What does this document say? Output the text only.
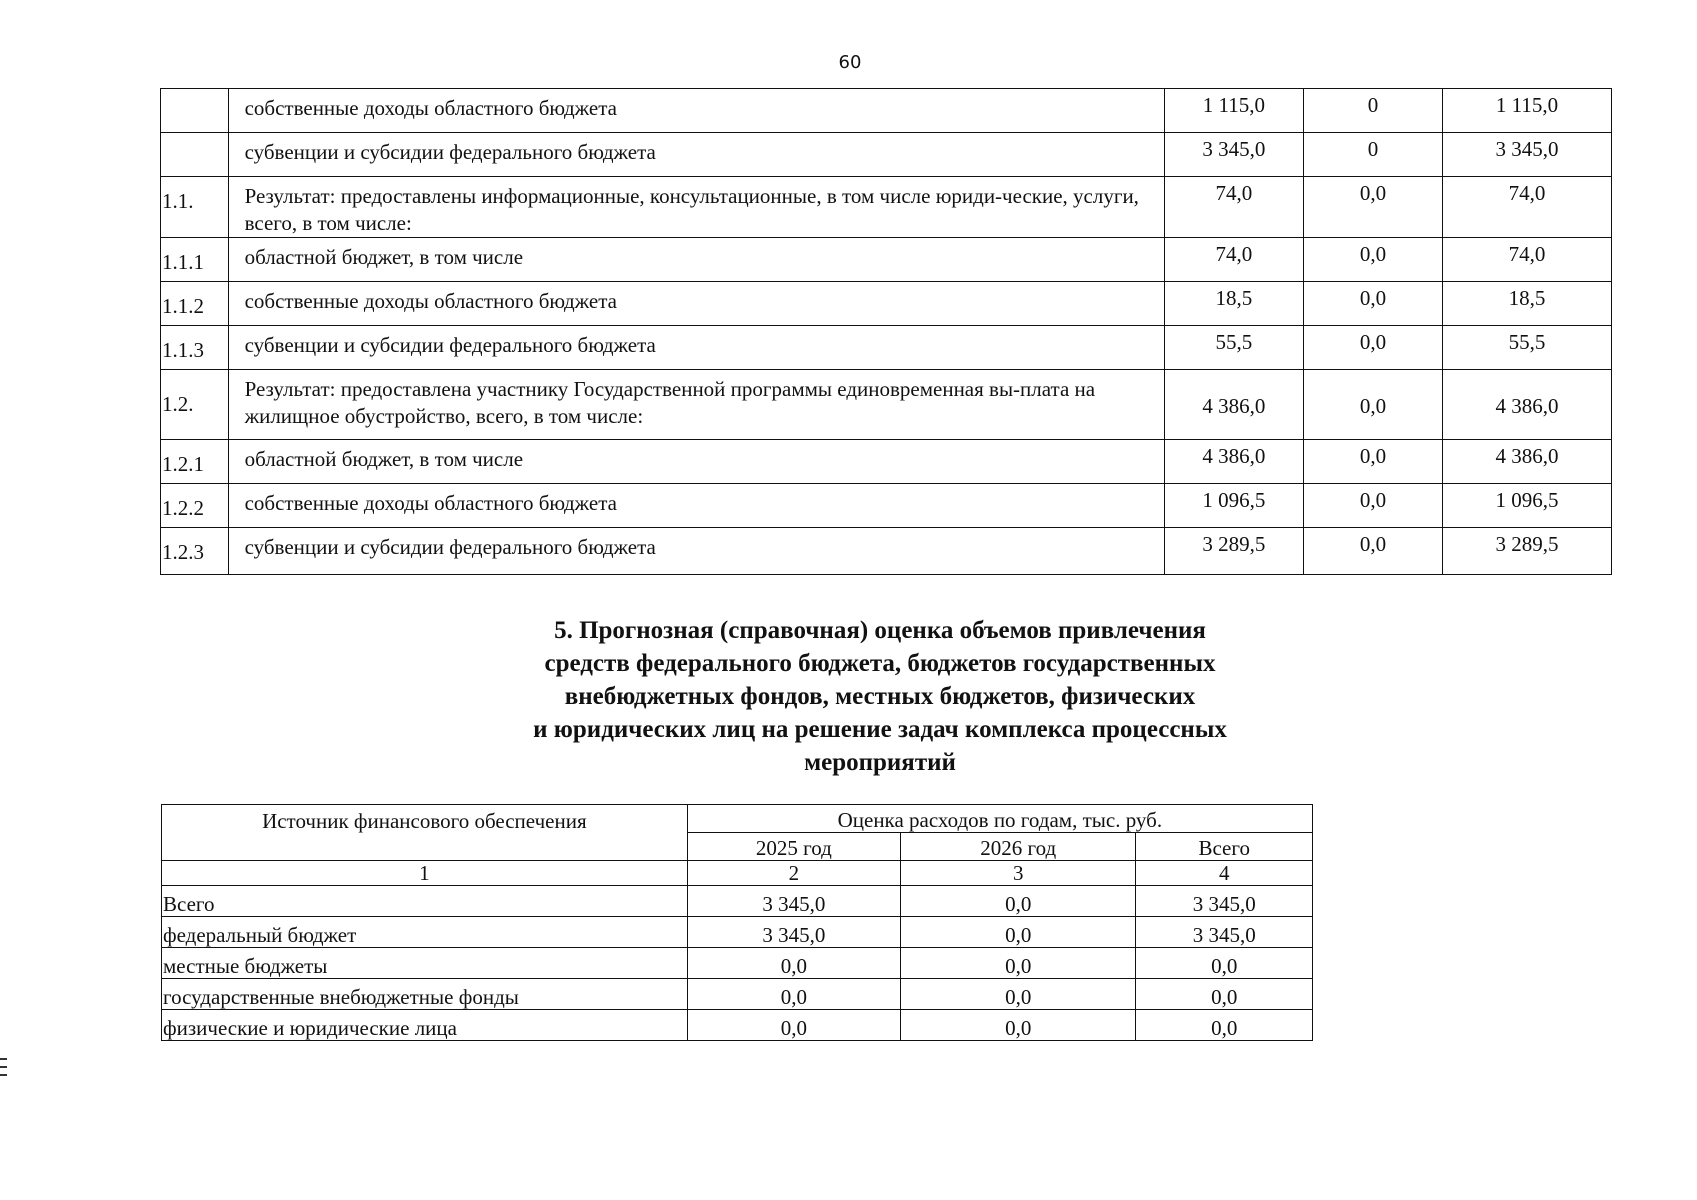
60
	собственные доходы областного бюджета	1 115,0	0	1 115,0
	субвенции и субсидии федерального бюджета	3 345,0	0	3 345,0
1.1.	Результат: предоставлены информационные, консультационные, в том числе юриди-ческие, услуги, всего, в том числе:	74,0	0,0	74,0
1.1.1	областной бюджет, в том числе	74,0	0,0	74,0
1.1.2	собственные доходы областного бюджета	18,5	0,0	18,5
1.1.3	субвенции и субсидии федерального бюджета	55,5	0,0	55,5
1.2.	Результат: предоставлена участнику Государственной программы единовременная вы-плата на жилищное обустройство, всего, в том числе:	4 386,0	0,0	4 386,0
1.2.1	областной бюджет, в том числе	4 386,0	0,0	4 386,0
1.2.2	собственные доходы областного бюджета	1 096,5	0,0	1 096,5
1.2.3	субвенции и субсидии федерального бюджета	3 289,5	0,0	3 289,5
5. Прогнозная (справочная) оценка объемов привлечения
средств федерального бюджета, бюджетов государственных
внебюджетных фондов, местных бюджетов, физических
и юридических лиц на решение задач комплекса процессных
мероприятий
Источник финансового обеспечения	Оценка расходов по годам, тыс. руб.		
	2025 год	2026 год	Всего
1	2	3	4
Всего	3 345,0	0,0	3 345,0
федеральный бюджет	3 345,0	0,0	3 345,0
местные бюджеты	0,0	0,0	0,0
государственные внебюджетные фонды	0,0	0,0	0,0
физические и юридические лица	0,0	0,0	0,0
